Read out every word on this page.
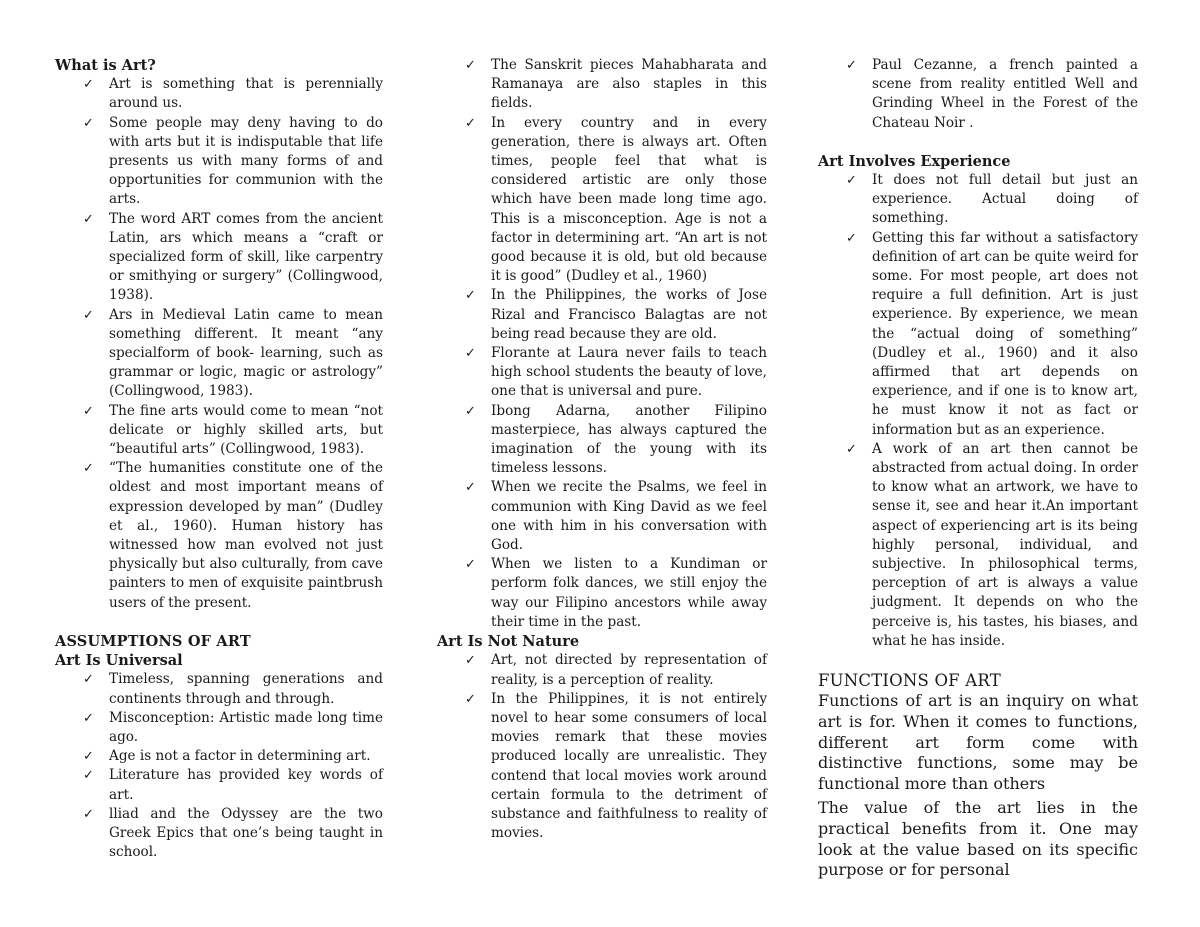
What is Art?

✓ Art is something that is perennially around us.
✓ Some people may deny having to do with arts but it is indisputable that life presents us with many forms of and opportunities for communion with the arts.
✓ The word ART comes from the ancient Latin, ars which means a “craft or specialized form of skill, like carpentry or smithying or surgery” (Collingwood, 1938).
✓ Ars in Medieval Latin came to mean something different. It meant “any specialform of book- learning, such as grammar or logic, magic or astrology” (Collingwood, 1983).
✓ The fine arts would come to mean “not delicate or highly skilled arts, but “beautiful arts” (Collingwood, 1983).
✓ “The humanities constitute one of the oldest and most important means of expression developed by man” (Dudley et al., 1960). Human history has witnessed how man evolved not just physically but also culturally, from cave painters to men of exquisite paintbrush users of the present.

ASSUMPTIONS OF ART

Art Is Universal

✓ Timeless, spanning generations and continents through and through.
✓ Misconception: Artistic made long time ago.
✓ Age is not a factor in determining art.
✓ Literature has provided key words of art.
✓ lliad and the Odyssey are the two Greek Epics that one’s being taught in school.
✓ The Sanskrit pieces Mahabharata and Ramanaya are also staples in this fields.
✓ In every country and in every generation, there is always art. Often times, people feel that what is considered artistic are only those which have been made long time ago. This is a misconception. Age is not a factor in determining art. “An art is not good because it is old, but old because it is good” (Dudley et al., 1960)
✓ In the Philippines, the works of Jose Rizal and Francisco Balagtas are not being read because they are old.
✓ Florante at Laura never fails to teach high school students the beauty of love, one that is universal and pure.
✓ Ibong Adarna, another Filipino masterpiece, has always captured the imagination of the young with its timeless lessons.
✓ When we recite the Psalms, we feel in communion with King David as we feel one with him in his conversation with God.
✓ When we listen to a Kundiman or perform folk dances, we still enjoy the way our Filipino ancestors while away their time in the past.

Art Is Not Nature

✓ Art, not directed by representation of reality, is a perception of reality.
✓ In the Philippines, it is not entirely novel to hear some consumers of local movies remark that these movies produced locally are unrealistic. They contend that local movies work around certain formula to the detriment of substance and faithfulness to reality of movies.
✓ Paul Cezanne, a french painted a scene from reality entitled Well and Grinding Wheel in the Forest of the Chateau Noir .

Art Involves Experience

✓ It does not full detail but just an experience. Actual doing of something.
✓ Getting this far without a satisfactory definition of art can be quite weird for some. For most people, art does not require a full definition. Art is just experience. By experience, we mean the “actual doing of something” (Dudley et al., 1960) and it also affirmed that art depends on experience, and if one is to know art, he must know it not as fact or information but as an experience.
✓ A work of an art then cannot be abstracted from actual doing. In order to know what an artwork, we have to sense it, see and hear it.An important aspect of experiencing art is its being highly personal, individual, and subjective. In philosophical terms, perception of art is always a value judgment. It depends on who the perceive is, his tastes, his biases, and what he has inside.

FUNCTIONS OF ART

Functions of art is an inquiry on what art is for. When it comes to functions, different art form come with distinctive functions, some may be functional more than others

The value of the art lies in the practical benefits from it. One may look at the value based on its specific purpose or for personal
